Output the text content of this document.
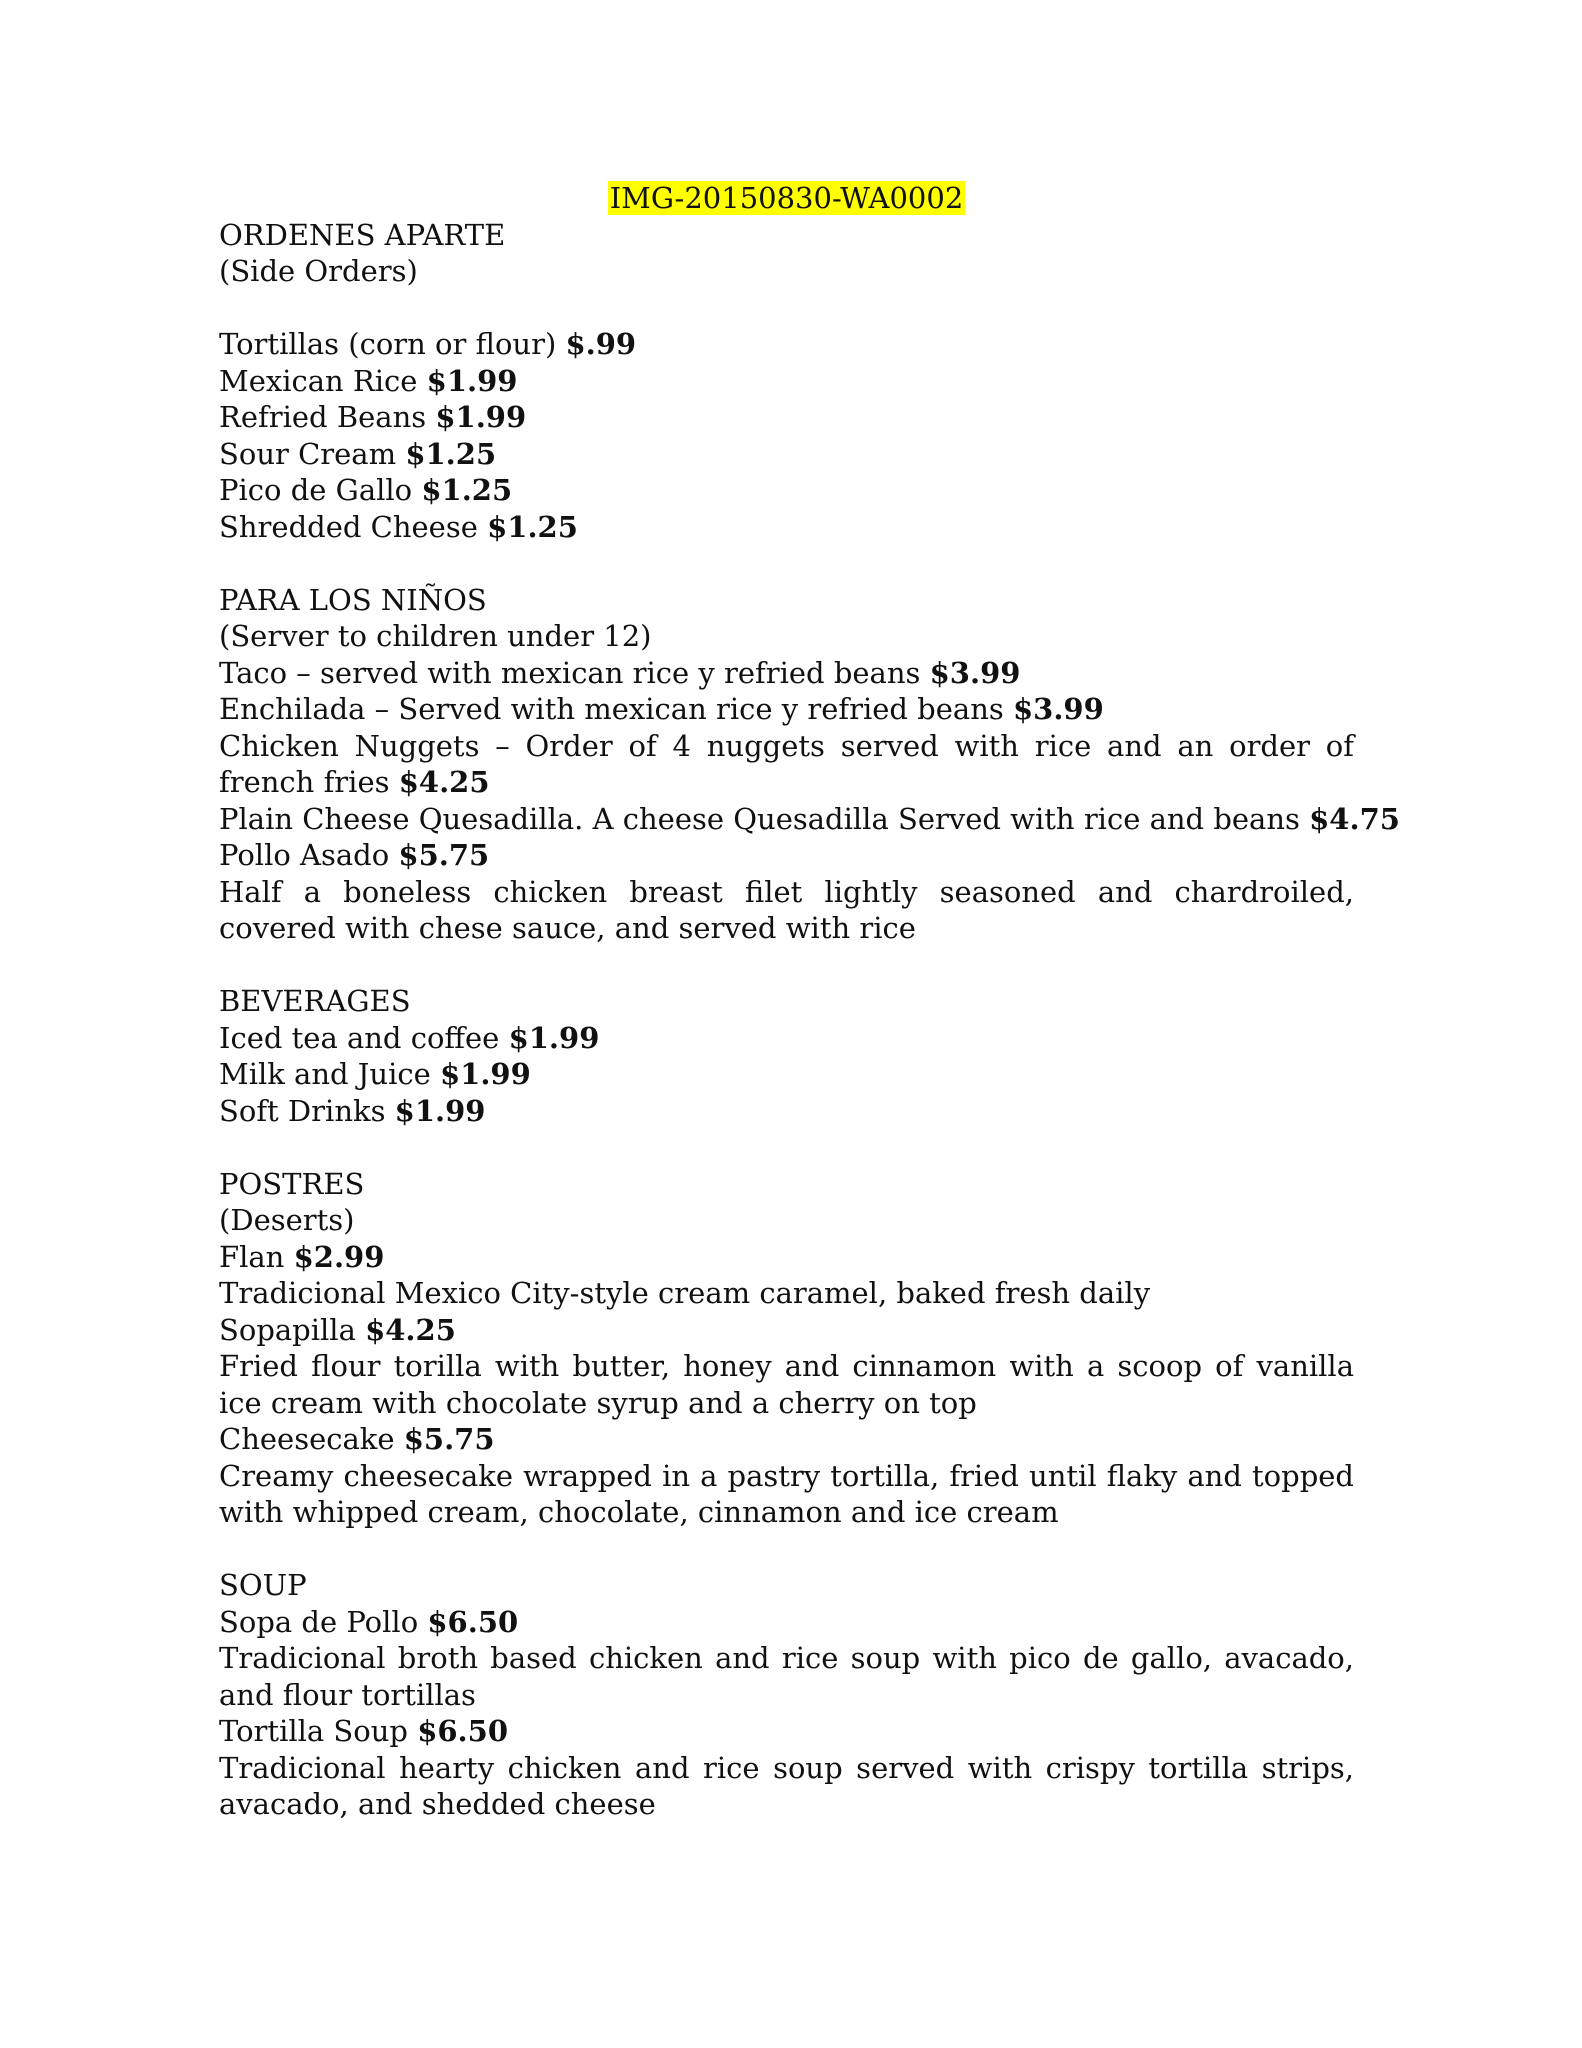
IMG-20150830-WA0002
ORDENES APARTE
(Side Orders)
Tortillas (corn or flour) $.99
Mexican Rice $1.99
Refried Beans $1.99
Sour Cream $1.25
Pico de Gallo $1.25
Shredded Cheese $1.25
PARA LOS NIÑOS
(Server to children under 12)
Taco – served with mexican rice y refried beans $3.99
Enchilada – Served with mexican rice y refried beans $3.99
Chicken Nuggets – Order of 4 nuggets served with rice and an order of french fries $4.25
Plain Cheese Quesadilla. A cheese Quesadilla Served with rice and beans $4.75
Pollo Asado $5.75
Half a boneless chicken breast filet lightly seasoned and chardroiled, covered with chese sauce, and served with rice
BEVERAGES
Iced tea and coffee $1.99
Milk and Juice $1.99
Soft Drinks $1.99
POSTRES
(Deserts)
Flan $2.99
Tradicional Mexico City-style cream caramel, baked fresh daily
Sopapilla $4.25
Fried flour torilla with butter, honey and cinnamon with a scoop of vanilla ice cream with chocolate syrup and a cherry on top
Cheesecake $5.75
Creamy cheesecake wrapped in a pastry tortilla, fried until flaky and topped with whipped cream, chocolate, cinnamon and ice cream
SOUP
Sopa de Pollo $6.50
Tradicional broth based chicken and rice soup with pico de gallo, avacado, and flour tortillas
Tortilla Soup $6.50
Tradicional hearty chicken and rice soup served with crispy tortilla strips, avacado, and shedded cheese
